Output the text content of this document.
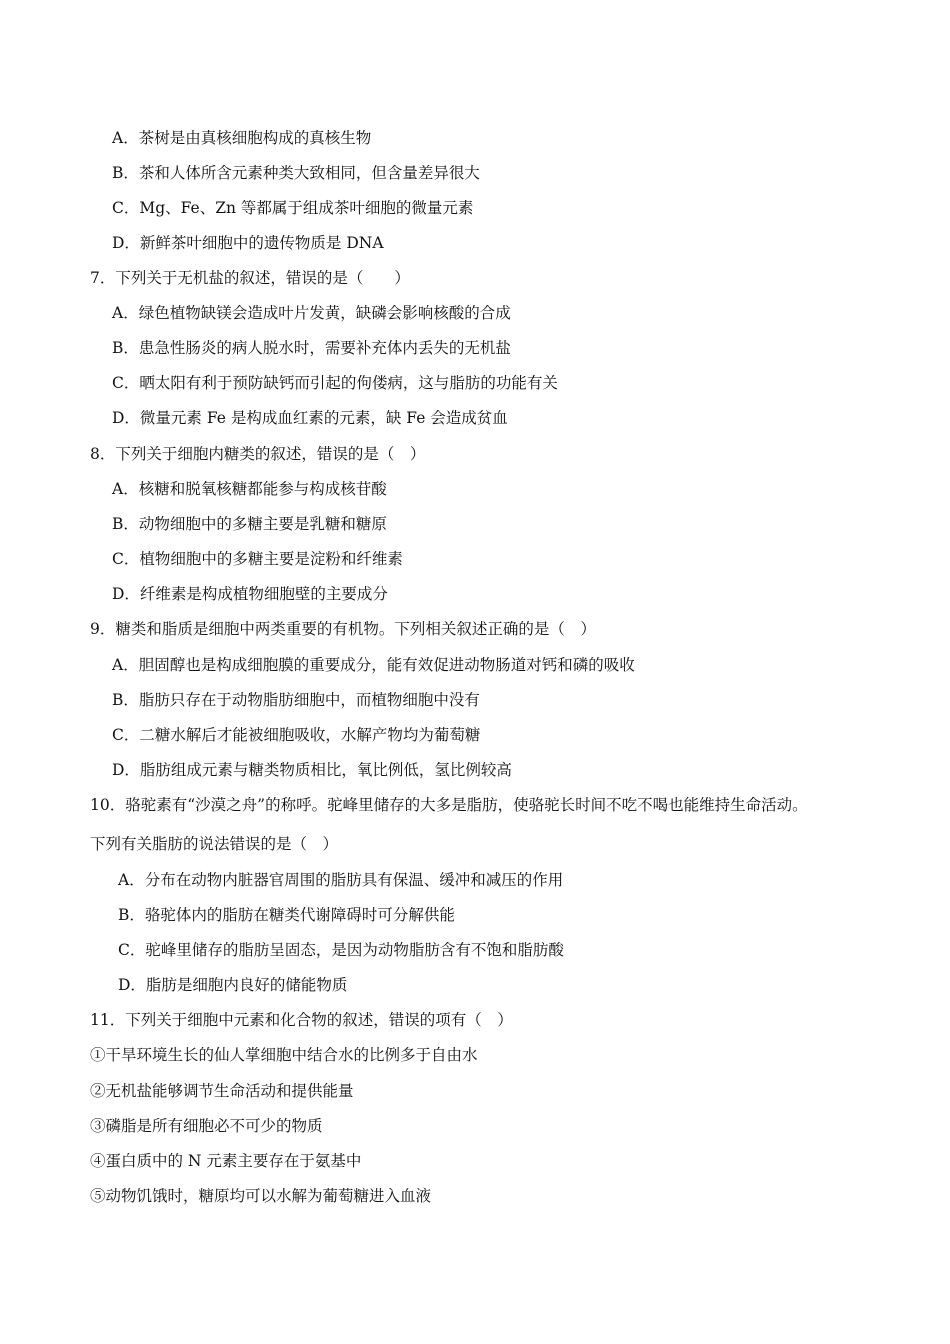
A．茶树是由真核细胞构成的真核生物
B．茶和人体所含元素种类大致相同，但含量差异很大
C．Mg、Fe、Zn 等都属于组成茶叶细胞的微量元素
D．新鲜茶叶细胞中的遗传物质是 DNA
7．下列关于无机盐的叙述，错误的是（　　）
A．绿色植物缺镁会造成叶片发黄，缺磷会影响核酸的合成
B．患急性肠炎的病人脱水时，需要补充体内丢失的无机盐
C．晒太阳有利于预防缺钙而引起的佝偻病，这与脂肪的功能有关
D．微量元素 Fe 是构成血红素的元素，缺 Fe 会造成贫血
8．下列关于细胞内糖类的叙述，错误的是（　）
A．核糖和脱氧核糖都能参与构成核苷酸
B．动物细胞中的多糖主要是乳糖和糖原
C．植物细胞中的多糖主要是淀粉和纤维素
D．纤维素是构成植物细胞壁的主要成分
9．糖类和脂质是细胞中两类重要的有机物。下列相关叙述正确的是（　）
A．胆固醇也是构成细胞膜的重要成分，能有效促进动物肠道对钙和磷的吸收
B．脂肪只存在于动物脂肪细胞中，而植物细胞中没有
C．二糖水解后才能被细胞吸收，水解产物均为葡萄糖
D．脂肪组成元素与糖类物质相比，氧比例低，氢比例较高
10．骆驼素有“沙漠之舟”的称呼。驼峰里储存的大多是脂肪，使骆驼长时间不吃不喝也能维持生命活动。
下列有关脂肪的说法错误的是（　）
A．分布在动物内脏器官周围的脂肪具有保温、缓冲和减压的作用
B．骆驼体内的脂肪在糖类代谢障碍时可分解供能
C．驼峰里储存的脂肪呈固态，是因为动物脂肪含有不饱和脂肪酸
D．脂肪是细胞内良好的储能物质
11．下列关于细胞中元素和化合物的叙述，错误的项有（　）
①干旱环境生长的仙人掌细胞中结合水的比例多于自由水
②无机盐能够调节生命活动和提供能量
③磷脂是所有细胞必不可少的物质
④蛋白质中的 N 元素主要存在于氨基中
⑤动物饥饿时，糖原均可以水解为葡萄糖进入血液
